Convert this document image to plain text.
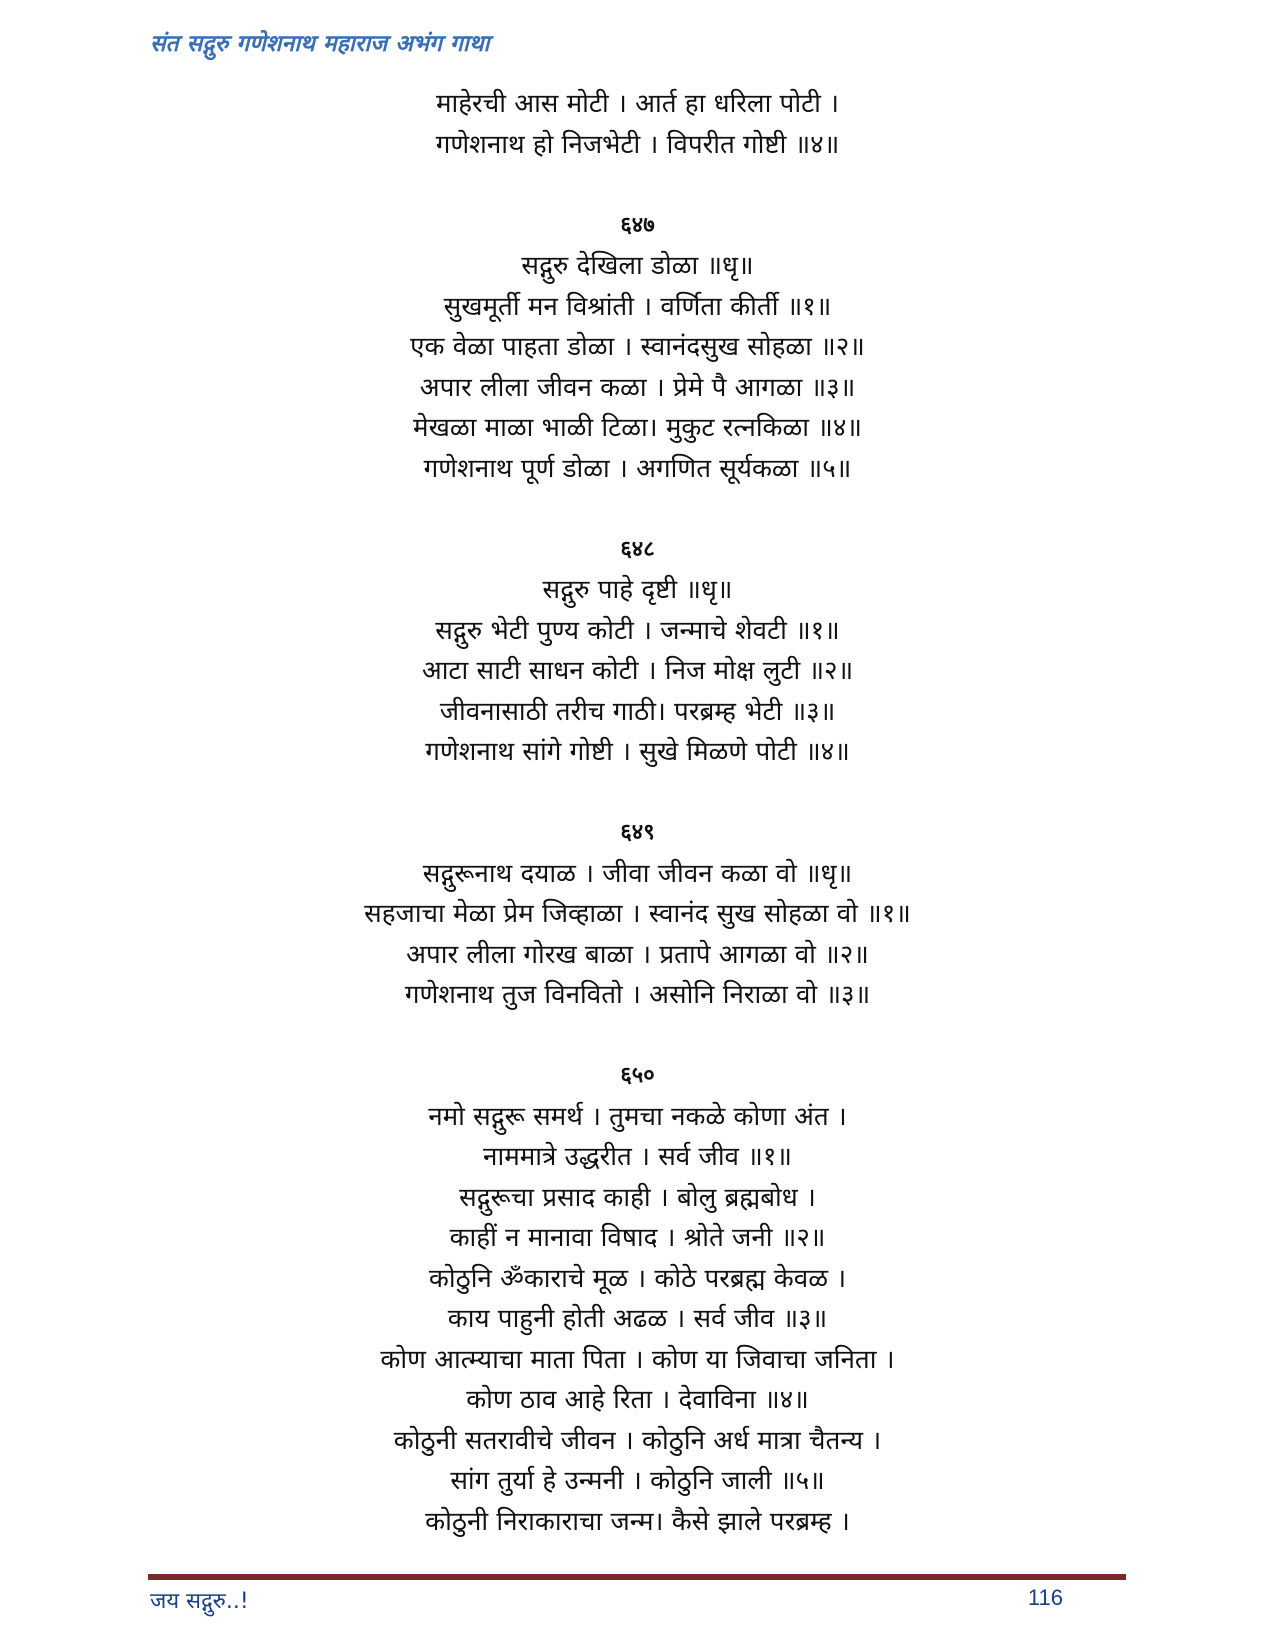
संत सद्गुरु गणेशनाथ महाराज अभंग गाथा
माहेरची आस मोटी । आर्त हा धरिला पोटी ।
गणेशनाथ हो निजभेटी । विपरीत गोष्टी ॥४॥
६४७
सद्गुरु देखिला डोळा ॥धृ॥
सुखमूर्ती मन विश्रांती । वर्णिता कीर्ती ॥१॥
एक वेळा पाहता डोळा । स्वानंदसुख सोहळा ॥२॥
अपार लीला जीवन कळा । प्रेमे पै आगळा ॥३॥
मेखळा माळा भाळी टिळा। मुकुट रत्नकिळा ॥४॥
गणेशनाथ पूर्ण डोळा । अगणित सूर्यकळा ॥५॥
६४८
सद्गुरु पाहे दृष्टी ॥धृ॥
सद्गुरु भेटी पुण्य कोटी । जन्माचे शेवटी ॥१॥
आटा साटी साधन कोटी । निज मोक्ष लुटी ॥२॥
जीवनासाठी तरीच गाठी। परब्रम्ह भेटी ॥३॥
गणेशनाथ सांगे गोष्टी । सुखे मिळणे पोटी ॥४॥
६४९
सद्गुरूनाथ दयाळ । जीवा जीवन कळा वो ॥धृ॥
सहजाचा मेळा प्रेम जिव्हाळा । स्वानंद सुख सोहळा वो ॥१॥
अपार लीला गोरख बाळा । प्रतापे आगळा वो ॥२॥
गणेशनाथ तुज विनवितो । असोनि निराळा वो ॥३॥
६५०
नमो सद्गुरू समर्थ । तुमचा नकळे कोणा अंत ।
नाममात्रे उद्धरीत । सर्व जीव ॥१॥
सद्गुरूचा प्रसाद काही । बोलु ब्रह्मबोध ।
काहीं न मानावा विषाद । श्रोते जनी ॥२॥
कोठुनि ॐकाराचे मूळ । कोठे परब्रह्म केवळ ।
काय पाहुनी होती अढळ । सर्व जीव ॥३॥
कोण आत्म्याचा माता पिता । कोण या जिवाचा जनिता ।
कोण ठाव आहे रिता । देवाविना ॥४॥
कोठुनी सतरावीचे जीवन । कोठुनि अर्ध मात्रा चैतन्य ।
सांग तुर्या हे उन्मनी । कोठुनि जाली ॥५॥
कोठुनी निराकाराचा जन्म। कैसे झाले परब्रम्ह ।
जय सद्गुरु..!	116
